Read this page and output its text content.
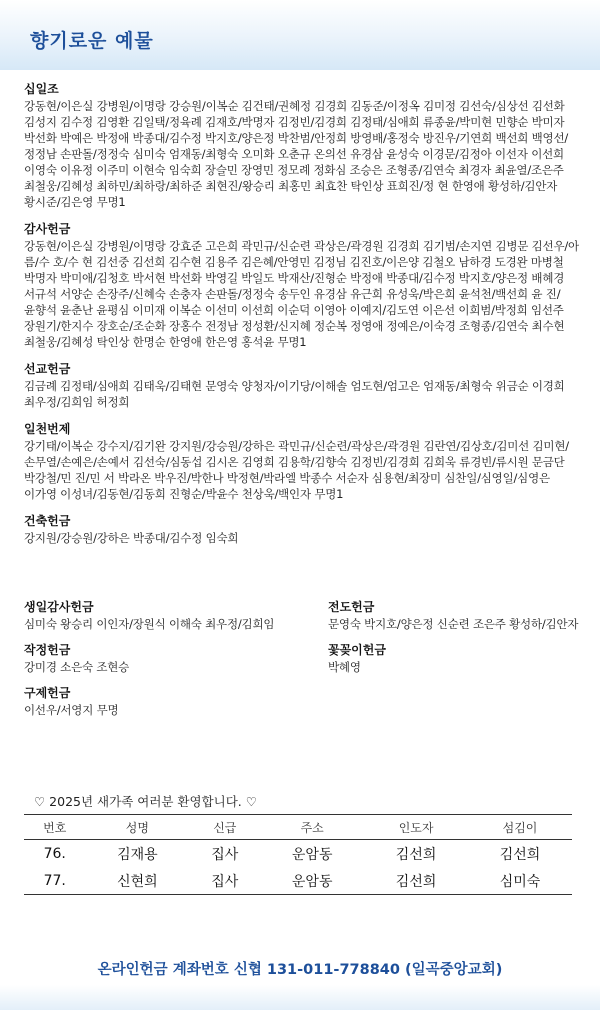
향기로운 예물
십일조

강동현/이은실 강병원/이명랑 강승원/이복순 김건태/권혜정 김경희 김동준/이정옥 김미정 김선숙/심상선 김선화 김성지 김수정 김영환 김일택/정육례 김재호/박명자 김정빈/김경희 김정태/심애희 류종윤/박미현 민향순 박미자 박선화 박예은 박정애 박종대/김수정 박지호/양은정 박찬범/안정희 방영배/홍정숙 방진우/기연희 백선희 백영선/정정남 손판돌/정정숙 심미숙 엄재동/최형숙 오미화 오춘규 온의선 유경삼 윤성숙 이경문/김정아 이선자 이선희 이영숙 이유정 이주미 이현숙 임숙희 장슬민 장영민 정모례 정화심 조승은 조형종/김연숙 최경자 최윤열/조은주 최철웅/김혜성 최하민/최하랑/최하준 최현진/왕승리 최홍민 최효찬 탁인상 표희진/정 현 한영애 황성하/김안자 황시준/김은영 무명1

감사헌금

강동현/이은실 강병원/이명랑 강효준 고은희 곽민규/신순련 곽상은/곽경원 김경희 김기범/손지연 김병문 김선우/아 름/수 호/수 현 김선중 김선희 김수현 김용주 김은혜/안영민 김정님 김진호/이은양 김철오 남하경 도경완 마병철 박명자 박미애/김청호 박서현 박선화 박영길 박일도 박재산/진형순 박정애 박종대/김수정 박지호/양은정 배혜경 서규석 서양순 손장주/신혜숙 손충자 손판돌/정정숙 송두인 유경삼 유근희 유성욱/박은희 윤석천/백선희 윤 진/윤향석 윤춘난 윤평심 이미재 이복순 이선미 이선희 이순덕 이영아 이예지/김도연 이은선 이희범/박정희 임선주 장원기/한지수 장호순/조순화 장홍수 전정남 정성환/신지혜 정순복 정영애 정예은/이숙경 조형종/김연숙 최수현 최철웅/김혜성 탁인상 한명순 한영애 한은영 홍석윤 무명1

선교헌금

김금례 김정태/심애희 김태욱/김태현 문영숙 양청자/이기당/이해솔 엄도현/엄고은 엄재동/최형숙 위금순 이경희 최우정/김희임 허정희

일천번제

강기태/이복순 강수지/김기완 강지원/강승원/강하은 곽민규/신순련/곽상은/곽경원 김란연/김상호/김미선 김미현/손무열/손예은/손예서 김선숙/심동섭 김시온 김영희 김용학/김향숙 김정빈/김경희 김희욱 류경빈/류시원 문금단 박강철/민 진/민 서 박라온 박우진/박한나 박정현/박라엘 박종수 서순자 심용현/최장미 심찬일/심영일/심영은 이가영 이성녀/김동현/김동희 진형순/박윤수 천상욱/백인자 무명1

건축헌금

강지원/강승원/강하은 박종대/김수정 임숙희

생일감사헌금

심미숙 왕승리 이인자/장원식 이해숙 최우정/김희임

작정헌금

강미경 소은숙 조현승

구제헌금

이선우/서영지 무명

전도헌금

문영숙 박지호/양은정 신순련 조은주 황성하/김안자

꽃꽂이헌금

박혜영

♡ 2025년 새가족 여러분 환영합니다. ♡

번호	성명	신급	주소	인도자	섬김이
76.	김재용	집사	운암동	김선희	김선희
77.	신현희	집사	운암동	김선희	심미숙
온라인헌금 계좌번호 신협 131-011-778840 (일곡중앙교회)
